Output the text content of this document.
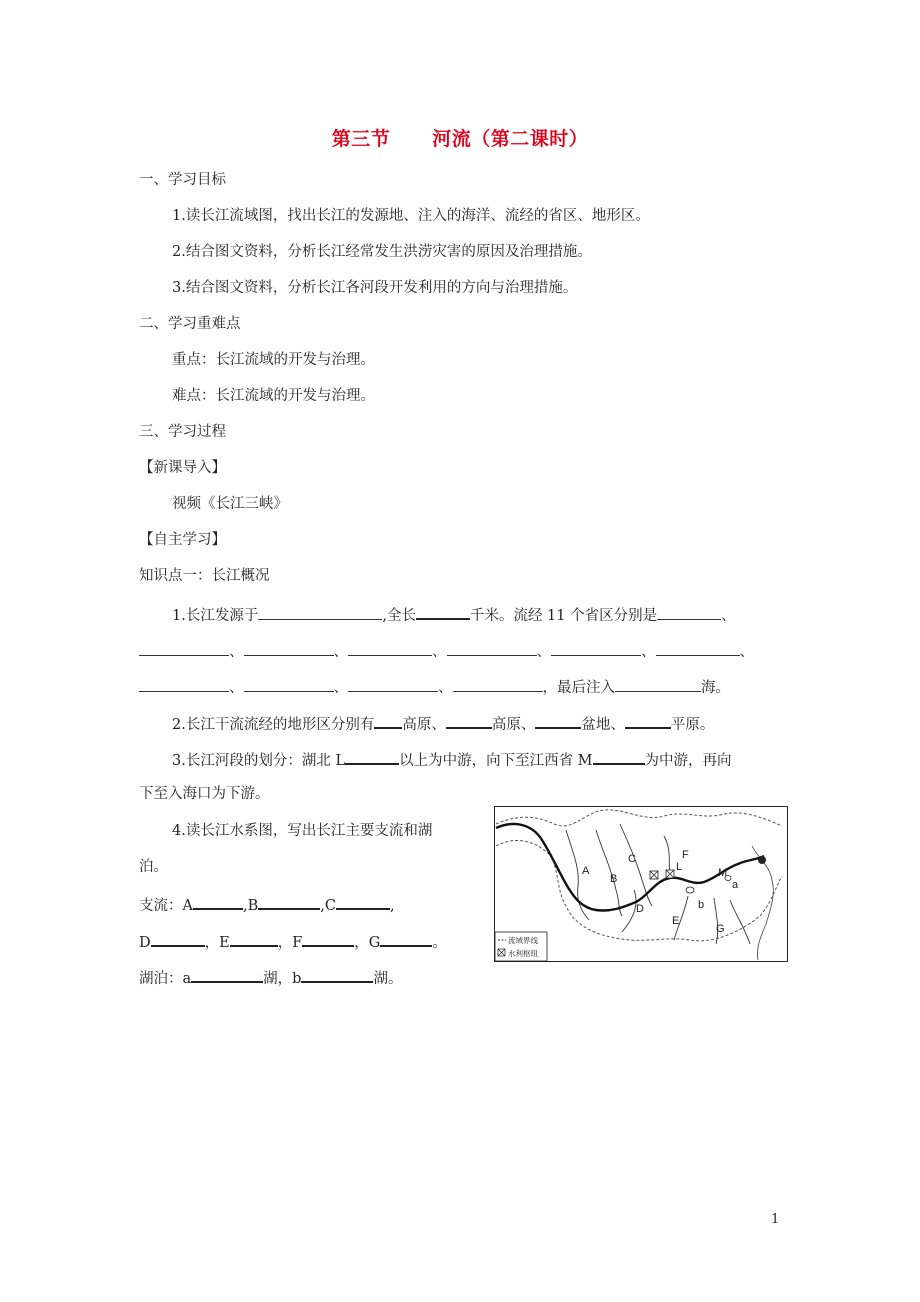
第三节 河流（第二课时）
一、学习目标
1.读长江流域图，找出长江的发源地、注入的海洋、流经的省区、地形区。
2.结合图文资料，分析长江经常发生洪涝灾害的原因及治理措施。
3.结合图文资料，分析长江各河段开发利用的方向与治理措施。
二、学习重难点
重点：长江流域的开发与治理。
难点：长江流域的开发与治理。
三、学习过程
【新课导入】
视频《长江三峡》
【自主学习】
知识点一：长江概况
1.长江发源于	,全长	千米。流经 11 个省区分别是	、
、	、	、	、	、	、
、	、	、	，最后注入	海。
2.长江干流流经的地形区分别有 高原、	高原、	盆地、	平原。
3.长江河段的划分：湖北 L	以上为中游，向下至江西省 M	为中游，再向
下至入海口为下游。
4.读长江水系图，写出长江主要支流和湖
泊。
支流：A	,B	,C	,
D	，E	，F	，G	。
湖泊：a	湖，b	湖。
A
B
C
D
E
F
L	M
a
b
G
流域界线
水利枢纽
1
